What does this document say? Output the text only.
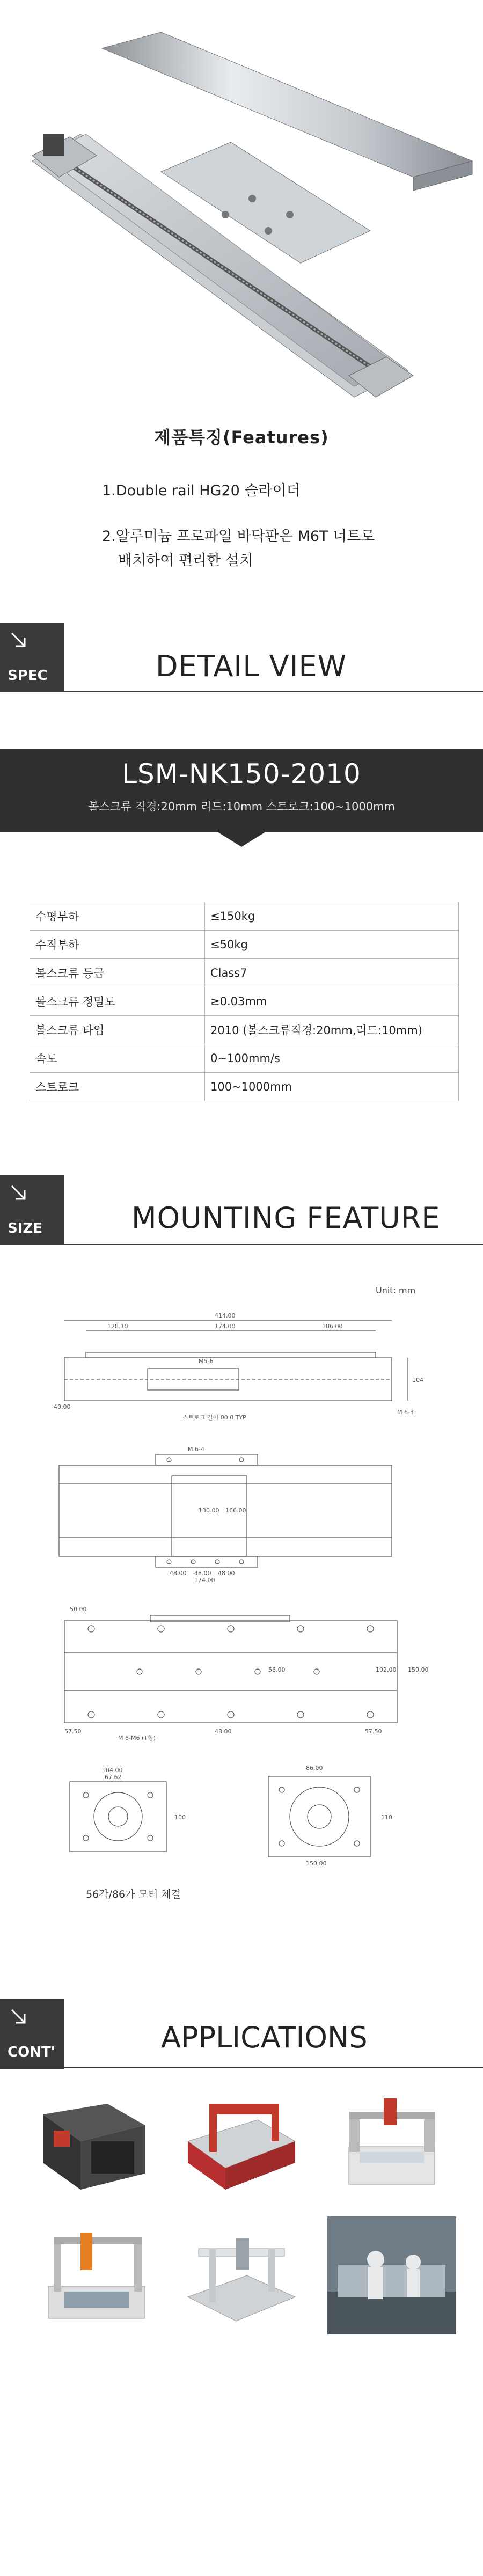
제품특징(Features)
1.Double rail HG20 슬라이더
2.알루미늄 프로파일 바닥판은 M6T 너트로
배치하여 편리한 설치
SPEC	DETAIL VIEW
LSM-NK150-2010
볼스크류 직경:20mm 리드:10mm 스트로크:100~1000mm
수평부하	≤150kg
수직부하	≤50kg
볼스크류 등급	Class7
볼스크류 정밀도	≥0.03mm
볼스크류 타입	2010 (볼스크류직경:20mm,리드:10mm)
속도	0~100mm/s
스트로크	100~1000mm
SIZE	MOUNTING FEATURE
Unit: mm
414.00
128.10	174.00	106.00
104
40.00
M5-6
스트로크 길이 00.0 TYP
M 6-3
M 6-4
130.00 166.00
48.00 48.00 48.00
174.00
50.00
56.00	102.00 150.00
57.50	57.50
48.00
M 6-M6 (T형)
104.00
67.62
100
86.00
110
150.00
56각/86가 모터 체결
CONT'	APPLICATIONS
